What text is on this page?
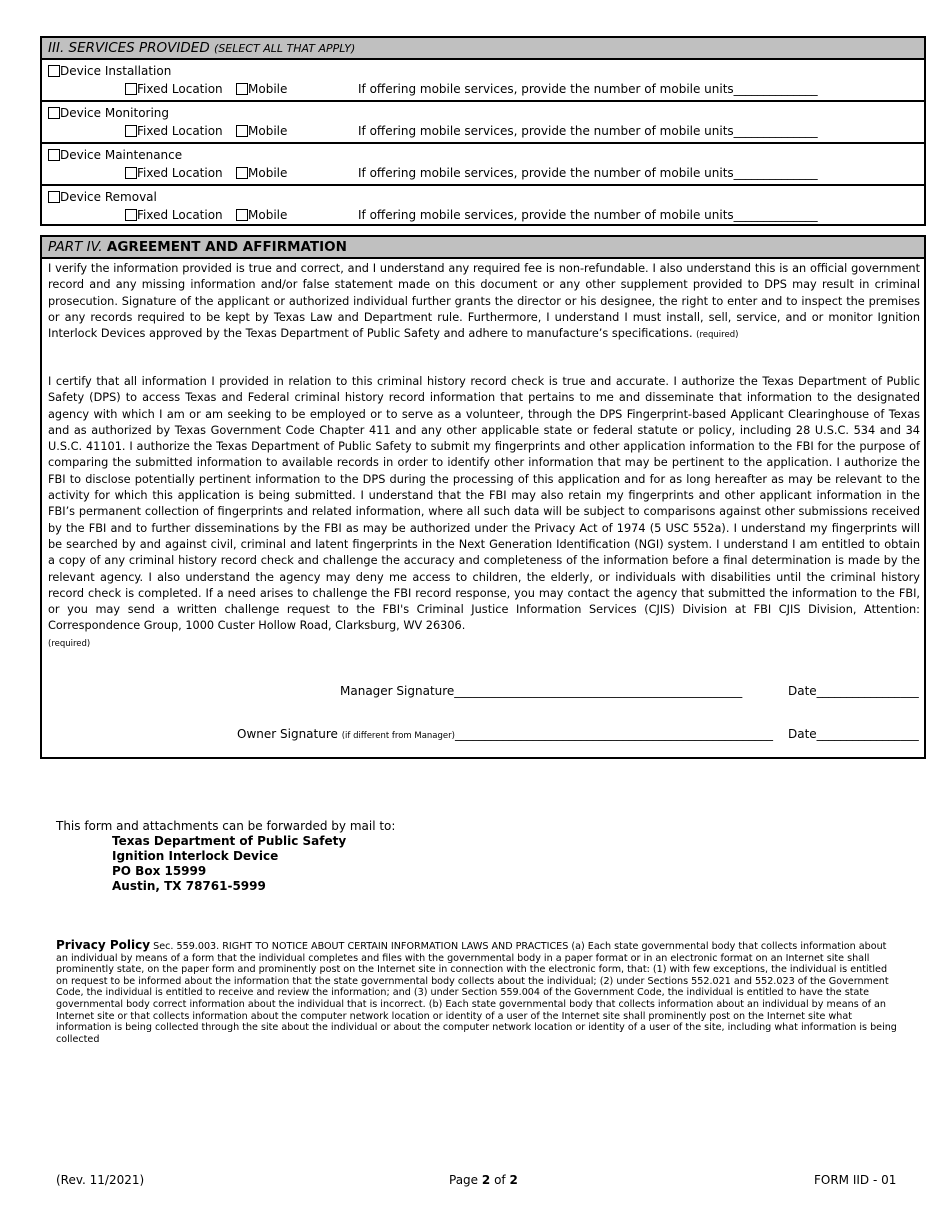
III. SERVICES PROVIDED (SELECT ALL THAT APPLY)
Device Installation
Fixed Location	Mobile	If offering mobile services, provide the number of mobile units______________
Device Monitoring
Fixed Location	Mobile	If offering mobile services, provide the number of mobile units______________
Device Maintenance
Fixed Location	Mobile	If offering mobile services, provide the number of mobile units______________
Device Removal
Fixed Location	Mobile	If offering mobile services, provide the number of mobile units______________
PART IV. AGREEMENT AND AFFIRMATION
I verify the information provided is true and correct, and I understand any required fee is non-refundable. I also understand this is an official government record and any missing information and/or false statement made on this document or any other supplement provided to DPS may result in criminal prosecution. Signature of the applicant or authorized individual further grants the director or his designee, the right to enter and to inspect the premises or any records required to be kept by Texas Law and Department rule. Furthermore, I understand I must install, sell, service, and or monitor Ignition Interlock Devices approved by the Texas Department of Public Safety and adhere to manufacture’s specifications. (required)
I certify that all information I provided in relation to this criminal history record check is true and accurate. I authorize the Texas Department of Public Safety (DPS) to access Texas and Federal criminal history record information that pertains to me and disseminate that information to the designated agency with which I am or am seeking to be employed or to serve as a volunteer, through the DPS Fingerprint-based Applicant Clearinghouse of Texas and as authorized by Texas Government Code Chapter 411 and any other applicable state or federal statute or policy, including 28 U.S.C. 534 and 34 U.S.C. 41101. I authorize the Texas Department of Public Safety to submit my fingerprints and other application information to the FBI for the purpose of comparing the submitted information to available records in order to identify other information that may be pertinent to the application. I authorize the FBI to disclose potentially pertinent information to the DPS during the processing of this application and for as long hereafter as may be relevant to the activity for which this application is being submitted. I understand that the FBI may also retain my fingerprints and other applicant information in the FBI’s permanent collection of fingerprints and related information, where all such data will be subject to comparisons against other submissions received by the FBI and to further disseminations by the FBI as may be authorized under the Privacy Act of 1974 (5 USC 552a). I understand my fingerprints will be searched by and against civil, criminal and latent fingerprints in the Next Generation Identification (NGI) system. I understand I am entitled to obtain a copy of any criminal history record check and challenge the accuracy and completeness of the information before a final determination is made by the relevant agency. I also understand the agency may deny me access to children, the elderly, or individuals with disabilities until the criminal history record check is completed. If a need arises to challenge the FBI record response, you may contact the agency that submitted the information to the FBI, or you may send a written challenge request to the FBI's Criminal Justice Information Services (CJIS) Division at FBI CJIS Division, Attention: Correspondence Group, 1000 Custer Hollow Road, Clarksburg, WV 26306.
(required)
Manager Signature________________________________________________	Date_________________
Owner Signature (if different from Manager)_____________________________________________________ Date_________________
This form and attachments can be forwarded by mail to:
Texas Department of Public Safety
Ignition Interlock Device
PO Box 15999
Austin, TX 78761-5999
Privacy Policy Sec. 559.003. RIGHT TO NOTICE ABOUT CERTAIN INFORMATION LAWS AND PRACTICES (a) Each state governmental body that collects information about an individual by means of a form that the individual completes and files with the governmental body in a paper format or in an electronic format on an Internet site shall prominently state, on the paper form and prominently post on the Internet site in connection with the electronic form, that: (1) with few exceptions, the individual is entitled on request to be informed about the information that the state governmental body collects about the individual; (2) under Sections 552.021 and 552.023 of the Government Code, the individual is entitled to receive and review the information; and (3) under Section 559.004 of the Government Code, the individual is entitled to have the state governmental body correct information about the individual that is incorrect. (b) Each state governmental body that collects information about an individual by means of an Internet site or that collects information about the computer network location or identity of a user of the Internet site shall prominently post on the Internet site what information is being collected through the site about the individual or about the computer network location or identity of a user of the site, including what information is being collected
(Rev. 11/2021)	Page 2 of 2	FORM IID - 01
